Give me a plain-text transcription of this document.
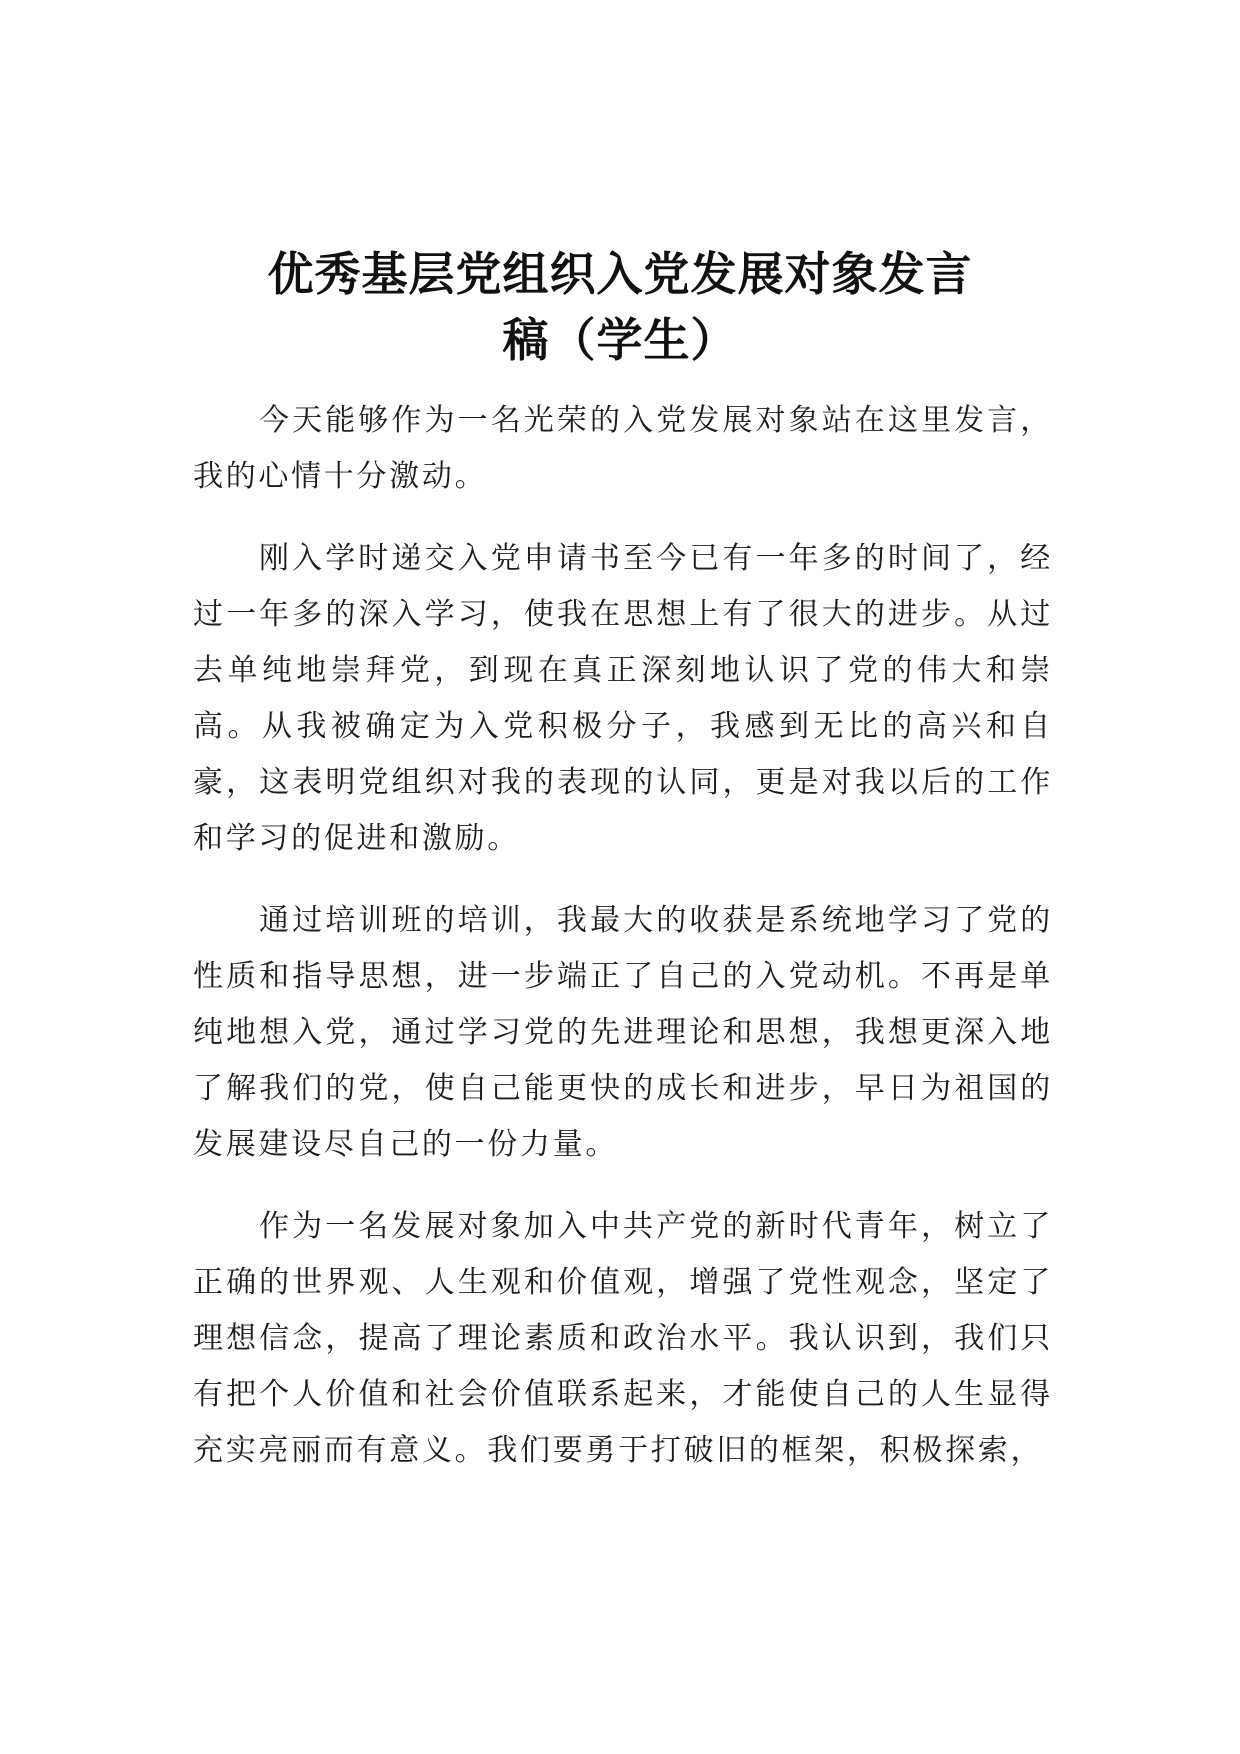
优秀基层党组织入党发展对象发言
稿（学生）

今天能够作为一名光荣的入党发展对象站在这里发言，我的心情十分激动。

刚入学时递交入党申请书至今已有一年多的时间了，经过一年多的深入学习，使我在思想上有了很大的进步。从过去单纯地崇拜党，到现在真正深刻地认识了党的伟大和崇高。从我被确定为入党积极分子，我感到无比的高兴和自豪，这表明党组织对我的表现的认同，更是对我以后的工作和学习的促进和激励。

通过培训班的培训，我最大的收获是系统地学习了党的性质和指导思想，进一步端正了自己的入党动机。不再是单纯地想入党，通过学习党的先进理论和思想，我想更深入地了解我们的党，使自己能更快的成长和进步，早日为祖国的发展建设尽自己的一份力量。

作为一名发展对象加入中共产党的新时代青年，树立了正确的世界观、人生观和价值观，增强了党性观念，坚定了理想信念，提高了理论素质和政治水平。我认识到，我们只有把个人价值和社会价值联系起来，才能使自己的人生显得充实亮丽而有意义。我们要勇于打破旧的框架，积极探索，
